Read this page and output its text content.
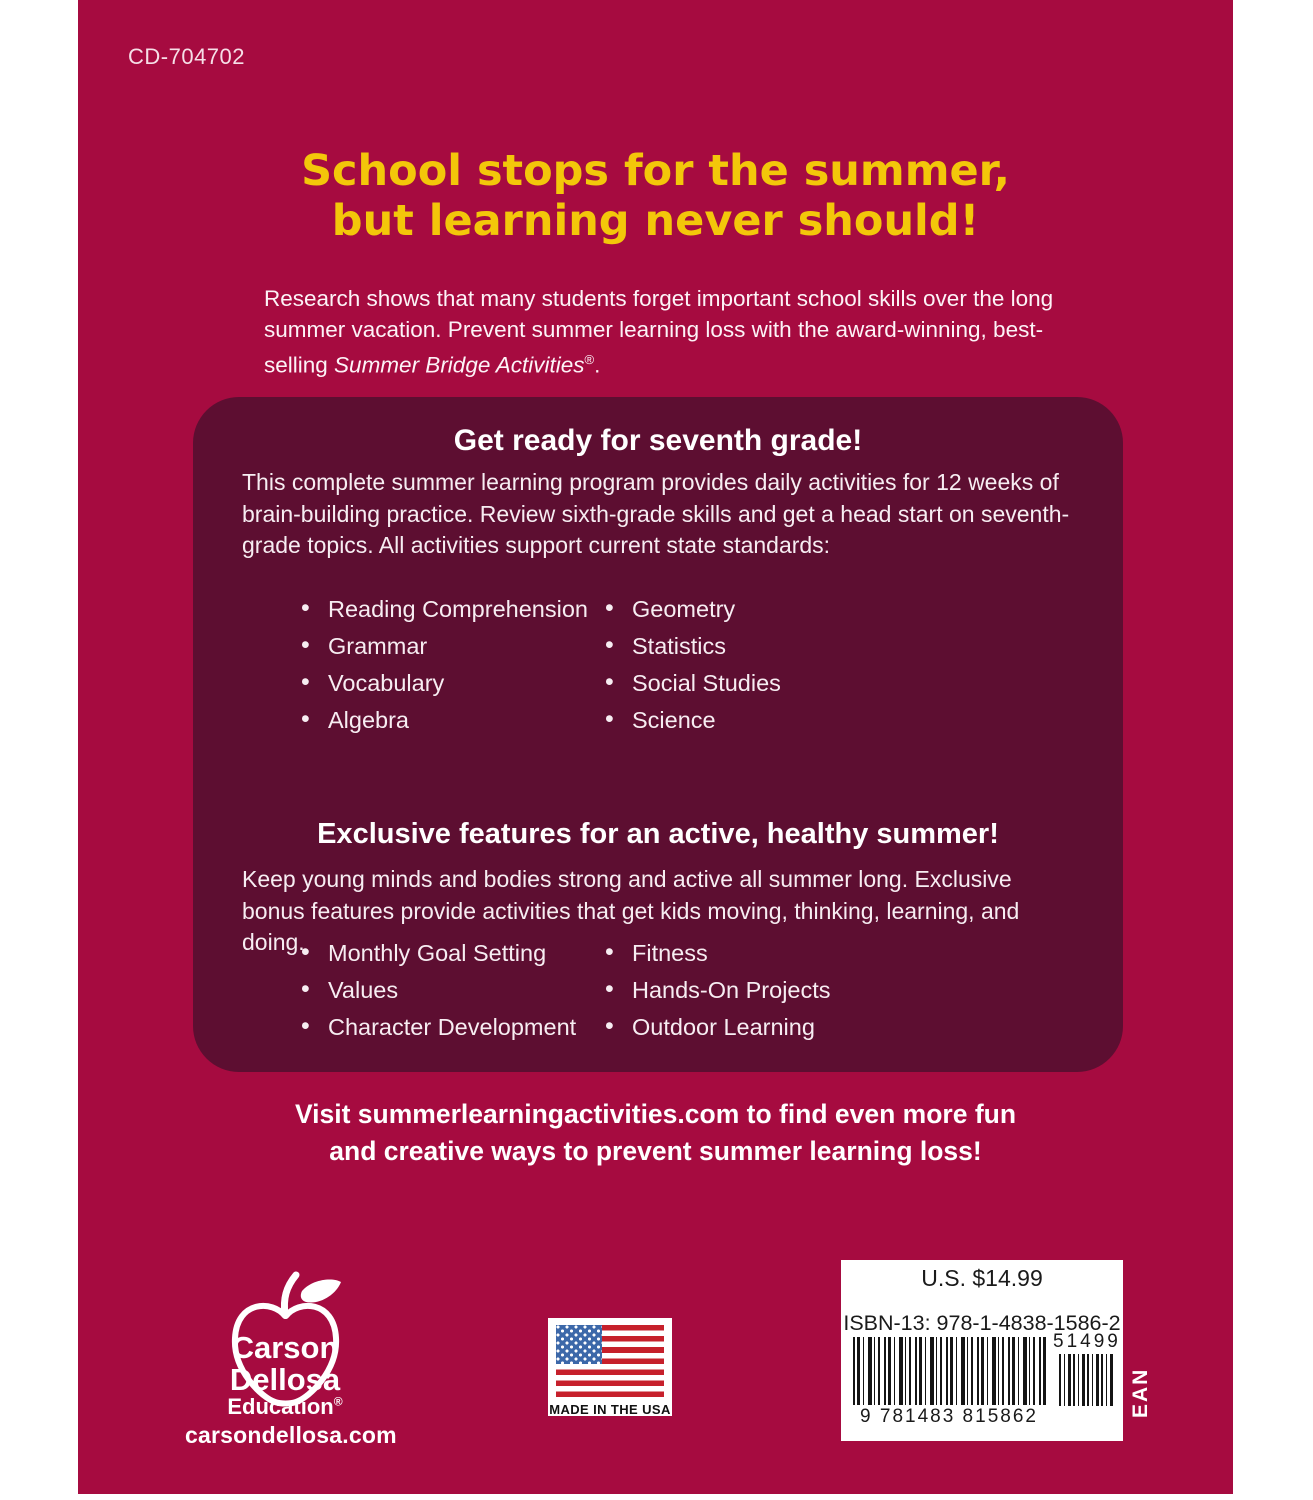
CD-704702
School stops for the summer,
but learning never should!

Research shows that many students forget important school skills over the long summer vacation. Prevent summer learning loss with the award-winning, best-selling Summer Bridge Activities®.

Get ready for seventh grade!

This complete summer learning program provides daily activities for 12 weeks of brain-building practice. Review sixth-grade skills and get a head start on seventh-grade topics. All activities support current state standards:

• Reading Comprehension
• Grammar
• Vocabulary
• Algebra
• Geometry
• Statistics
• Social Studies
• Science
Exclusive features for an active, healthy summer!

Keep young minds and bodies strong and active all summer long. Exclusive bonus features provide activities that get kids moving, thinking, learning, and doing. • Monthly Goal Setting
• Values
• Character Development
• Fitness
• Hands-On Projects
• Outdoor Learning

Visit summerlearningactivities.com to find even more fun
and creative ways to prevent summer learning loss!

Carson
Dellosa
Education®
carsondellosa.com
MADE IN THE USA
U.S. $14.99
ISBN-13: 978-1-4838-1586-2
9 781483 815862
51499
EAN
